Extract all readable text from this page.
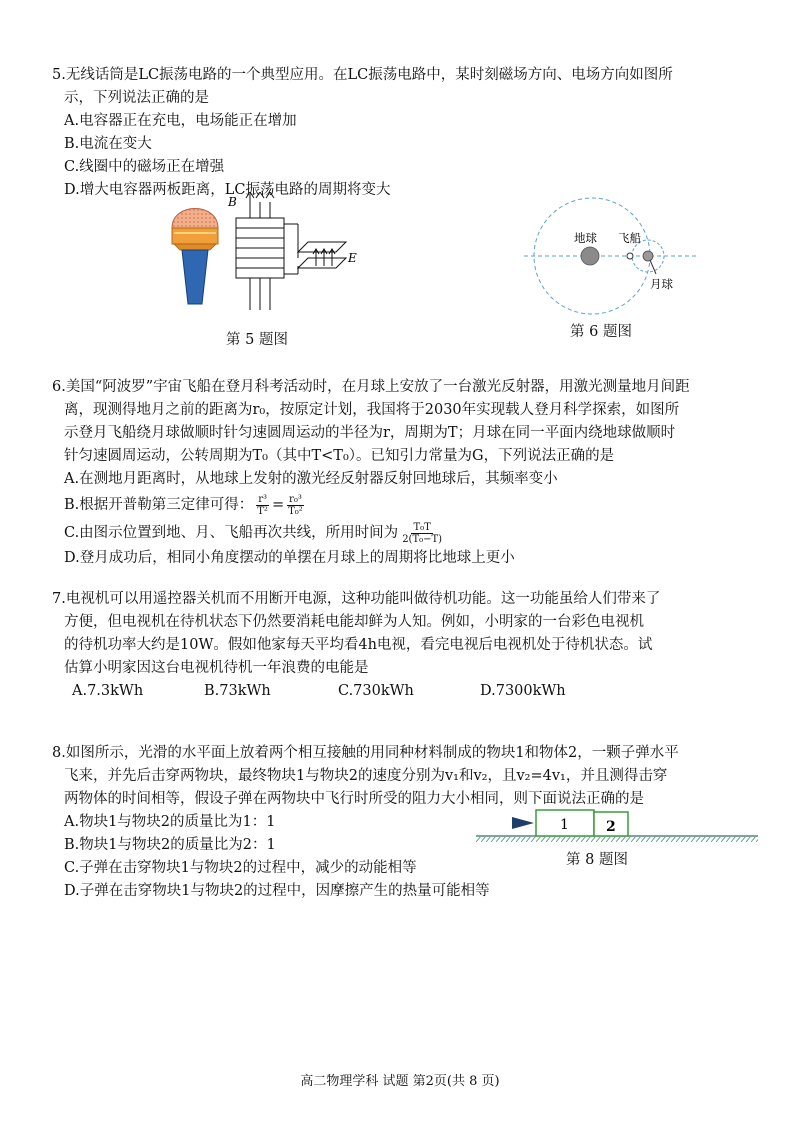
5.无线话筒是LC振荡电路的一个典型应用。在LC振荡电路中，某时刻磁场方向、电场方向如图所
示，下列说法正确的是
A.电容器正在充电，电场能正在增加
B.电流在变大
C.线圈中的磁场正在增强
D.增大电容器两板距离，LC振荡电路的周期将变大
B
E
第 5 题图
地球 飞船
月球
第 6 题图
6.美国“阿波罗”宇宙飞船在登月科考活动时，在月球上安放了一台激光反射器，用激光测量地月间距
离，现测得地月之前的距离为r₀，按原定计划，我国将于2030年实现载人登月科学探索，如图所
示登月飞船绕月球做顺时针匀速圆周运动的半径为r，周期为T；月球在同一平面内绕地球做顺时
针匀速圆周运动，公转周期为T₀（其中T<T₀）。已知引力常量为G，下列说法正确的是
A.在测地月距离时，从地球上发射的激光经反射器反射回地球后，其频率变小
B.根据开普勒第三定律可得： $\frac{\text{r³}}{\text{T²}} = \frac{\text{r₀³}}{\text{T₀²}}$
C.由图示位置到地、月、飞船再次共线，所用时间为 $\frac{\text{T₀T}}{\text{2(T₀−T)}}$
D.登月成功后，相同小角度摆动的单摆在月球上的周期将比地球上更小
7.电视机可以用遥控器关机而不用断开电源，这种功能叫做待机功能。这一功能虽给人们带来了
方便，但电视机在待机状态下仍然要消耗电能却鲜为人知。例如，小明家的一台彩色电视机
的待机功率大约是10W。假如他家每天平均看4h电视，看完电视后电视机处于待机状态。试
估算小明家因这台电视机待机一年浪费的电能是
A.7.3kWh	B.73kWh	C.730kWh	D.7300kWh
8.如图所示，光滑的水平面上放着两个相互接触的用同种材料制成的物块1和物体2，一颗子弹水平
飞来，并先后击穿两物块，最终物块1与物块2的速度分别为v₁和v₂，且v₂=4v₁，并且测得击穿
两物体的时间相等，假设子弹在两物块中飞行时所受的阻力大小相同，则下面说法正确的是
A.物块1与物块2的质量比为1：1
B.物块1与物块2的质量比为2：1
C.子弹在击穿物块1与物块2的过程中，减少的动能相等
D.子弹在击穿物块1与物块2的过程中，因摩擦产生的热量可能相等
1	2
第 8 题图
高二物理学科 试题 第2页(共 8 页)
